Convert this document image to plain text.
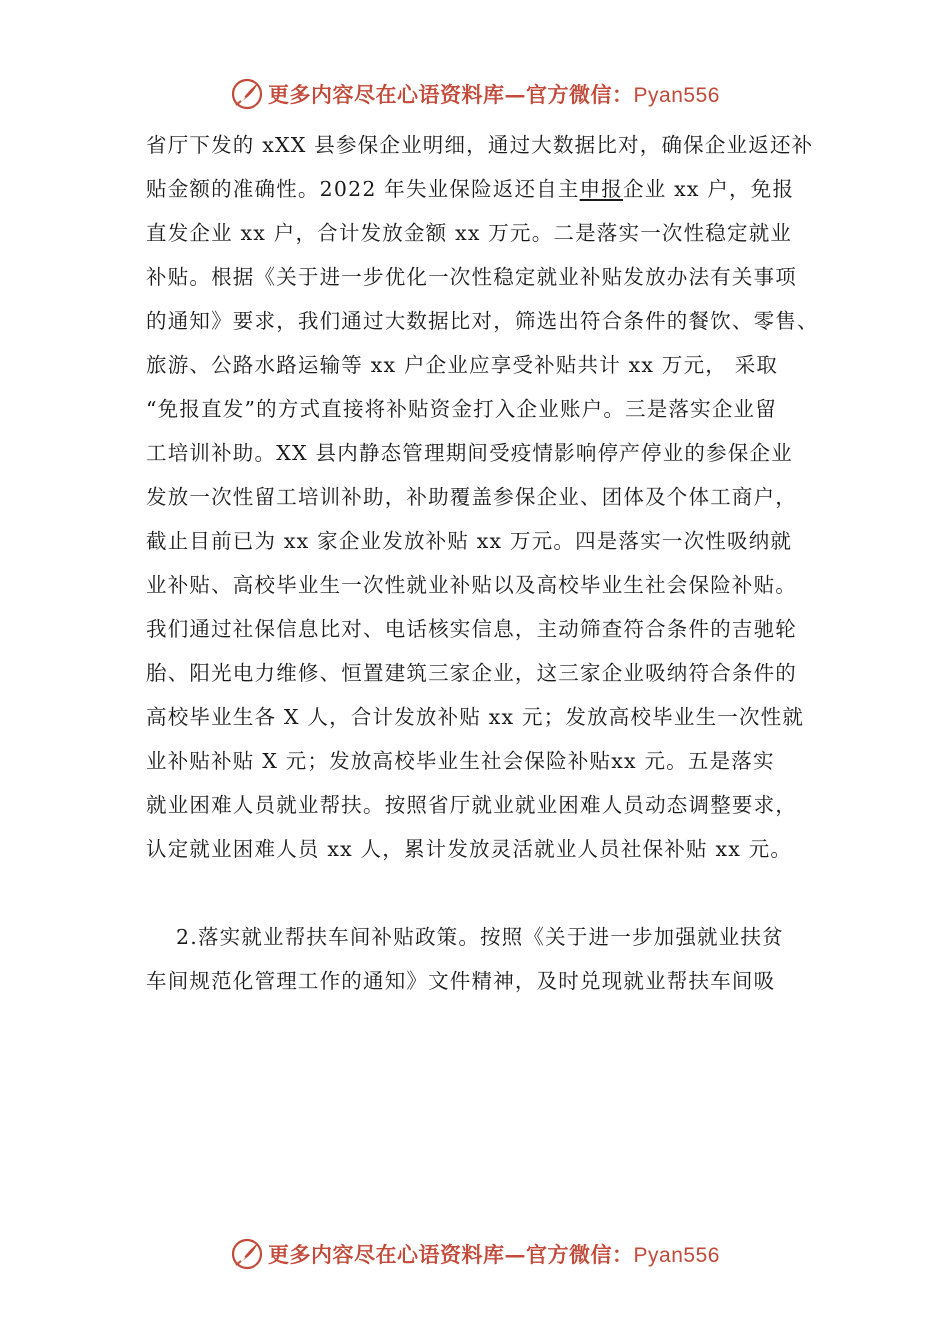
更多内容尽在心语资料库—官方微信：Pyan556
省厅下发的 xXX 县参保企业明细，通过大数据比对，确保企业返还补
贴金额的准确性。2022 年失业保险返还自主申报企业 xx 户，免报
直发企业 xx 户，合计发放金额 xx 万元。二是落实一次性稳定就业
补贴。根据《关于进一步优化一次性稳定就业补贴发放办法有关事项
的通知》要求，我们通过大数据比对，筛选出符合条件的餐饮、零售、
旅游、公路水路运输等 xx 户企业应享受补贴共计 xx 万元， 采取
“免报直发”的方式直接将补贴资金打入企业账户。三是落实企业留
工培训补助。XX 县内静态管理期间受疫情影响停产停业的参保企业
发放一次性留工培训补助，补助覆盖参保企业、团体及个体工商户，
截止目前已为 xx 家企业发放补贴 xx 万元。四是落实一次性吸纳就
业补贴、高校毕业生一次性就业补贴以及高校毕业生社会保险补贴。
我们通过社保信息比对、电话核实信息，主动筛查符合条件的吉驰轮
胎、阳光电力维修、恒置建筑三家企业，这三家企业吸纳符合条件的
高校毕业生各 X 人，合计发放补贴 xx 元；发放高校毕业生一次性就
业补贴补贴 X 元；发放高校毕业生社会保险补贴xx 元。五是落实
就业困难人员就业帮扶。按照省厅就业就业困难人员动态调整要求，
认定就业困难人员 xx 人，累计发放灵活就业人员社保补贴 xx 元。
2.落实就业帮扶车间补贴政策。按照《关于进一步加强就业扶贫
车间规范化管理工作的通知》文件精神，及时兑现就业帮扶车间吸
更多内容尽在心语资料库—官方微信：Pyan556
